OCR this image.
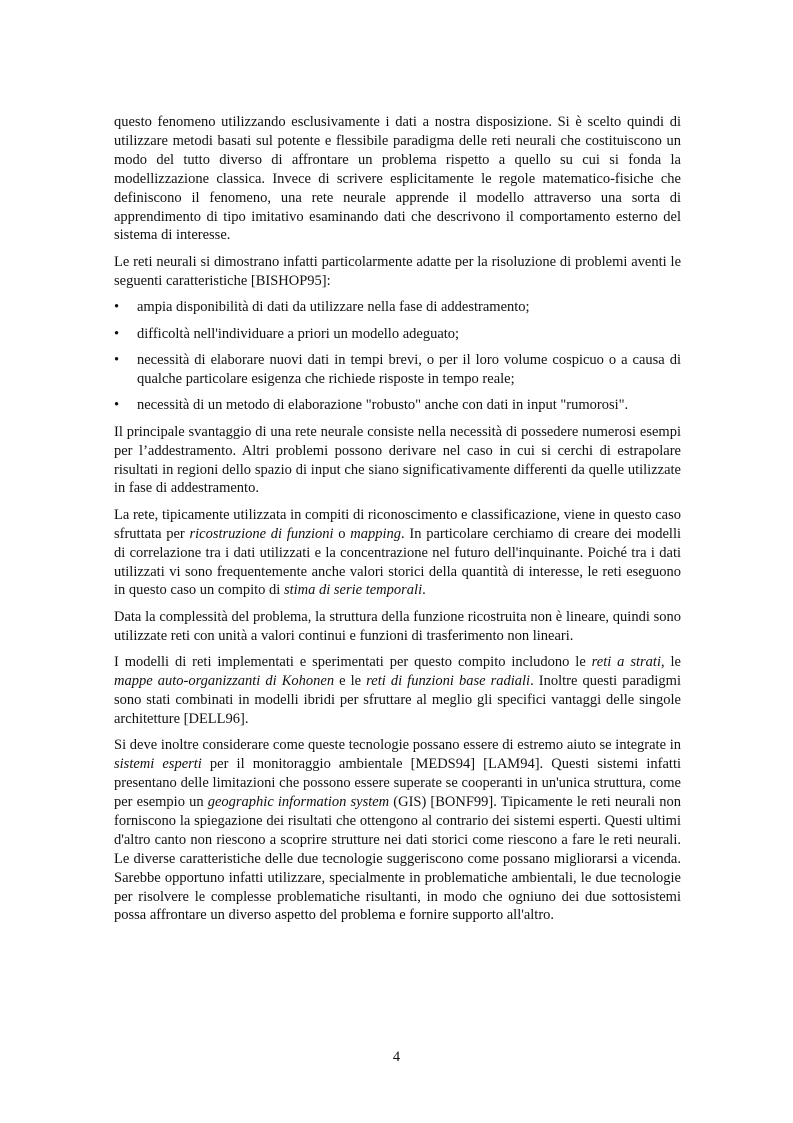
questo fenomeno utilizzando esclusivamente i dati a nostra disposizione. Si è scelto quindi di utilizzare metodi basati sul potente e flessibile paradigma delle reti neurali che costituiscono un modo del tutto diverso di affrontare un problema rispetto a quello su cui si fonda la modellizzazione classica. Invece di scrivere esplicitamente le regole matematico-fisiche che definiscono il fenomeno, una rete neurale apprende il modello attraverso una sorta di apprendimento di tipo imitativo esaminando dati che descrivono il comportamento esterno del sistema di interesse.

Le reti neurali si dimostrano infatti particolarmente adatte per la risoluzione di problemi aventi le seguenti caratteristiche [BISHOP95]:

•	ampia disponibilità di dati da utilizzare nella fase di addestramento;
•	difficoltà nell'individuare a priori un modello adeguato;
•	necessità di elaborare nuovi dati in tempi brevi, o per il loro volume cospicuo o a causa di qualche particolare esigenza che richiede risposte in tempo reale;
•	necessità di un metodo di elaborazione "robusto" anche con dati in input "rumorosi".

Il principale svantaggio di una rete neurale consiste nella necessità di possedere numerosi esempi per l’addestramento. Altri problemi possono derivare nel caso in cui si cerchi di estrapolare risultati in regioni dello spazio di input che siano significativamente differenti da quelle utilizzate in fase di addestramento.

La rete, tipicamente utilizzata in compiti di riconoscimento e classificazione, viene in questo caso sfruttata per ricostruzione di funzioni o mapping. In particolare cerchiamo di creare dei modelli di correlazione tra i dati utilizzati e la concentrazione nel futuro dell'inquinante. Poiché tra i dati utilizzati vi sono frequentemente anche valori storici della quantità di interesse, le reti eseguono in questo caso un compito di stima di serie temporali.

Data la complessità del problema, la struttura della funzione ricostruita non è lineare, quindi sono utilizzate reti con unità a valori continui e funzioni di trasferimento non lineari.

I modelli di reti implementati e sperimentati per questo compito includono le reti a strati, le mappe auto-organizzanti di Kohonen e le reti di funzioni base radiali. Inoltre questi paradigmi sono stati combinati in modelli ibridi per sfruttare al meglio gli specifici vantaggi delle singole architetture [DELL96].

Si deve inoltre considerare come queste tecnologie possano essere di estremo aiuto se integrate in sistemi esperti per il monitoraggio ambientale [MEDS94] [LAM94]. Questi sistemi infatti presentano delle limitazioni che possono essere superate se cooperanti in un'unica struttura, come per esempio un geographic information system (GIS) [BONF99]. Tipicamente le reti neurali non forniscono la spiegazione dei risultati che ottengono al contrario dei sistemi esperti. Questi ultimi d'altro canto non riescono a scoprire strutture nei dati storici come riescono a fare le reti neurali. Le diverse caratteristiche delle due tecnologie suggeriscono come possano migliorarsi a vicenda. Sarebbe opportuno infatti utilizzare, specialmente in problematiche ambientali, le due tecnologie per risolvere le complesse problematiche risultanti, in modo che ogniuno dei due sottosistemi possa affrontare un diverso aspetto del problema e fornire supporto all'altro.

4
